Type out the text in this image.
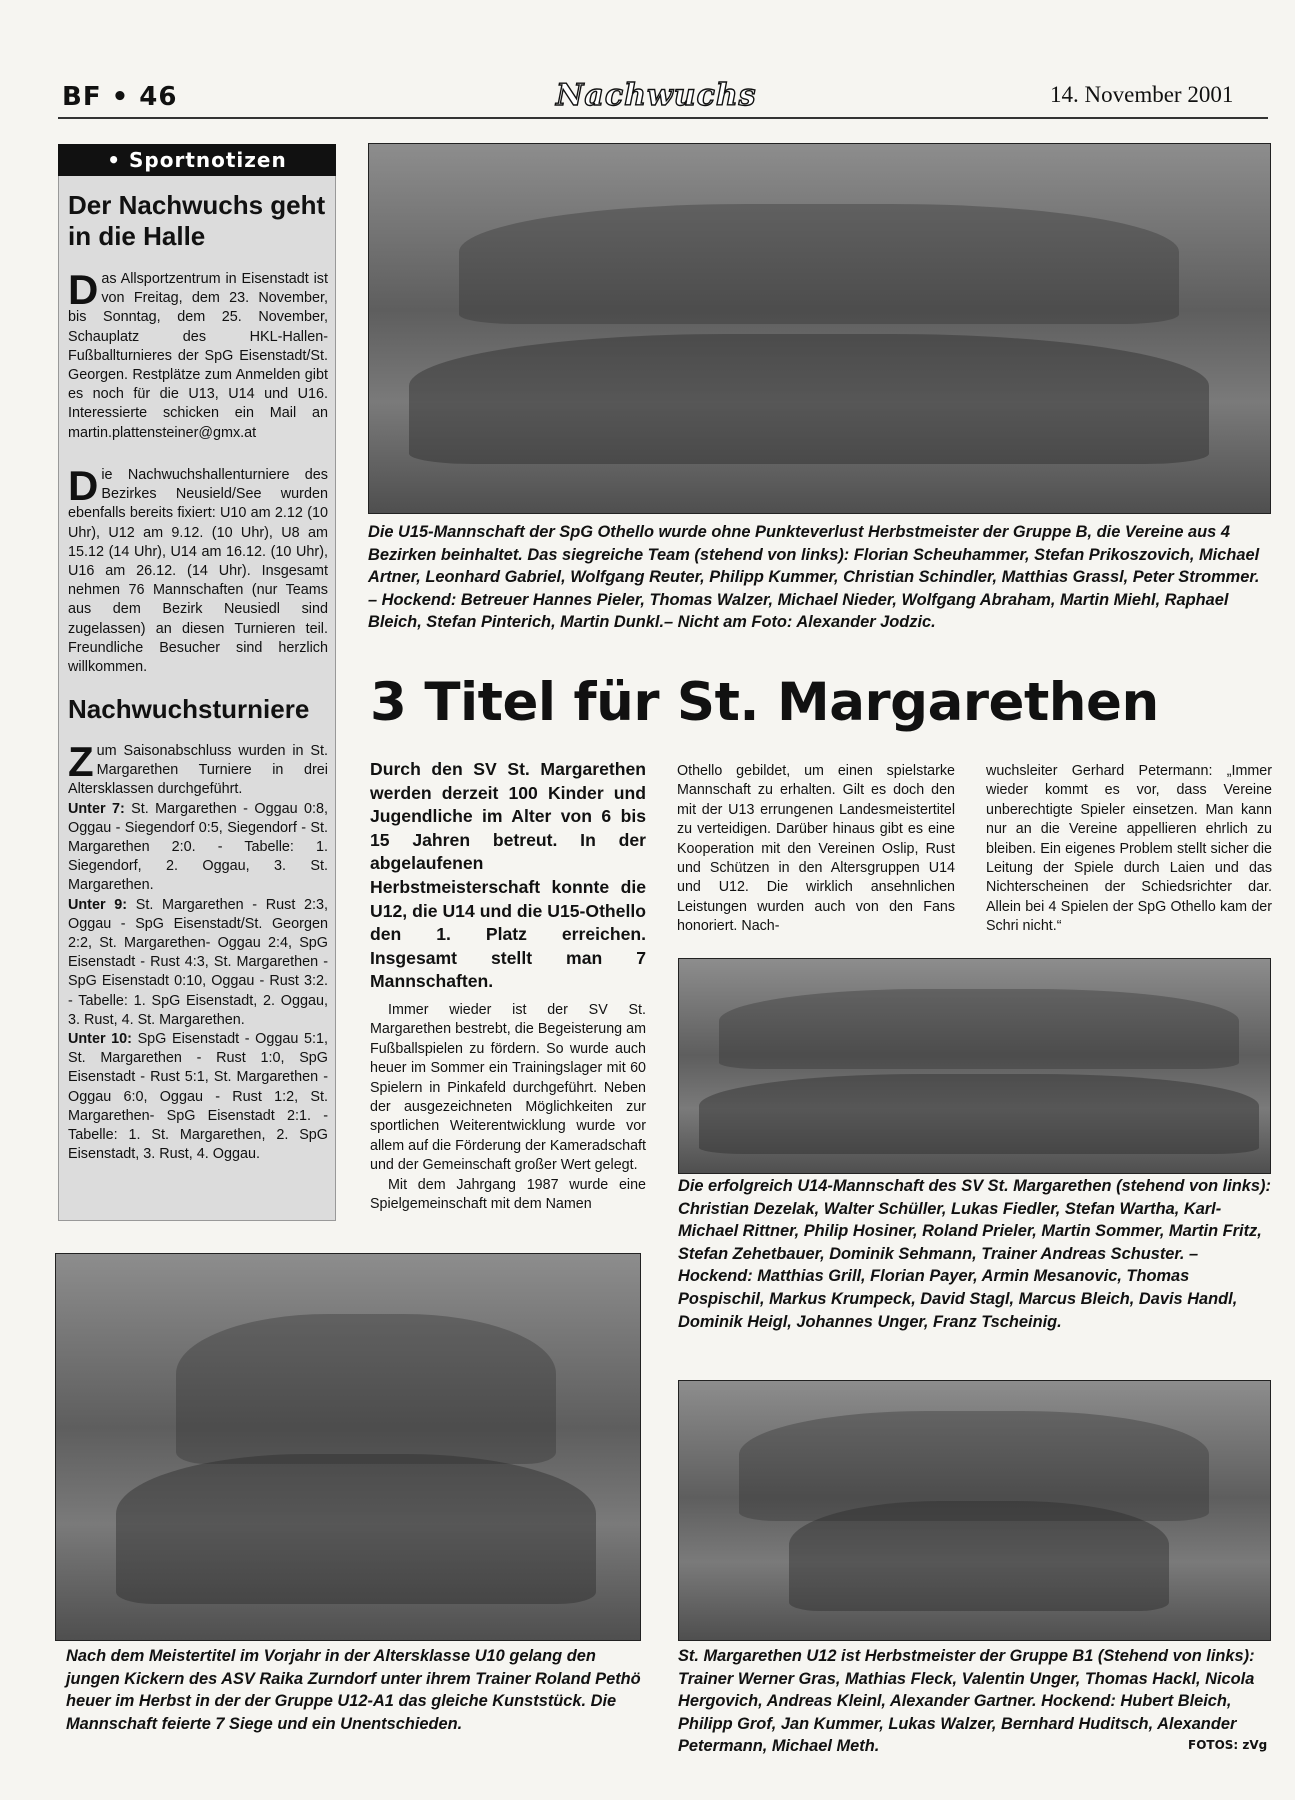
BF • 46	Nachwuchs	14. November 2001
• Sportnotizen
Der Nachwuchs geht in die Halle
Das Allsportzentrum in Eisenstadt ist von Freitag, dem 23. November, bis Sonntag, dem 25. November, Schauplatz des HKL-Hallen-Fußballturnieres der SpG Eisenstadt/St. Georgen. Restplätze zum Anmelden gibt es noch für die U13, U14 und U16. Interessierte schicken ein Mail an martin.plattensteiner@gmx.at
Die Nachwuchshallenturniere des Bezirkes Neusield/See wurden ebenfalls bereits fixiert: U10 am 2.12 (10 Uhr), U12 am 9.12. (10 Uhr), U8 am 15.12 (14 Uhr), U14 am 16.12. (10 Uhr), U16 am 26.12. (14 Uhr). Insgesamt nehmen 76 Mannschaften (nur Teams aus dem Bezirk Neusiedl sind zugelassen) an diesen Turnieren teil. Freundliche Besucher sind herzlich willkommen.
Nachwuchsturniere
Zum Saisonabschluss wurden in St. Margarethen Turniere in drei Altersklassen durchgeführt.

Unter 7: St. Margarethen - Oggau 0:8, Oggau - Siegendorf 0:5, Siegendorf - St. Margarethen 2:0. - Tabelle: 1. Siegendorf, 2. Oggau, 3. St. Margarethen.

Unter 9: St. Margarethen - Rust 2:3, Oggau - SpG Eisenstadt/St. Georgen 2:2, St. Margarethen- Oggau 2:4, SpG Eisenstadt - Rust 4:3, St. Margarethen - SpG Eisenstadt 0:10, Oggau - Rust 3:2. - Tabelle: 1. SpG Eisenstadt, 2. Oggau, 3. Rust, 4. St. Margarethen.

Unter 10: SpG Eisenstadt - Oggau 5:1, St. Margarethen - Rust 1:0, SpG Eisenstadt - Rust 5:1, St. Margarethen - Oggau 6:0, Oggau - Rust 1:2, St. Margarethen- SpG Eisenstadt 2:1. - Tabelle: 1. St. Margarethen, 2. SpG Eisenstadt, 3. Rust, 4. Oggau.

Die U15-Mannschaft der SpG Othello wurde ohne Punkteverlust Herbstmeister der Gruppe B, die Vereine aus 4 Bezirken beinhaltet. Das siegreiche Team (stehend von links): Florian Scheuhammer, Stefan Prikoszovich, Michael Artner, Leonhard Gabriel, Wolfgang Reuter, Philipp Kummer, Christian Schindler, Matthias Grassl, Peter Strommer. – Hockend: Betreuer Hannes Pieler, Thomas Walzer, Michael Nieder, Wolfgang Abraham, Martin Miehl, Raphael Bleich, Stefan Pinterich, Martin Dunkl.– Nicht am Foto: Alexander Jodzic.
3 Titel für St. Margarethen
Durch den SV St. Margarethen werden derzeit 100 Kinder und Jugendliche im Alter von 6 bis 15 Jahren betreut. In der abgelaufenen Herbstmeisterschaft konnte die U12, die U14 und die U15-Othello den 1. Platz erreichen. Insgesamt stellt man 7 Mannschaften.

Immer wieder ist der SV St. Margarethen bestrebt, die Begeisterung am Fußballspielen zu fördern. So wurde auch heuer im Sommer ein Trainingslager mit 60 Spielern in Pinkafeld durchgeführt. Neben der ausgezeichneten Möglichkeiten zur sportlichen Weiterentwicklung wurde vor allem auf die Förderung der Kameradschaft und der Gemeinschaft großer Wert gelegt.

Mit dem Jahrgang 1987 wurde eine Spielgemeinschaft mit dem Namen

Othello gebildet, um einen spielstarke Mannschaft zu erhalten. Gilt es doch den mit der U13 errungenen Landesmeistertitel zu verteidigen. Darüber hinaus gibt es eine Kooperation mit den Vereinen Oslip, Rust und Schützen in den Altersgruppen U14 und U12. Die wirklich ansehnlichen Leistungen wurden auch von den Fans honoriert. Nach-
wuchsleiter Gerhard Petermann: „Immer wieder kommt es vor, dass Vereine unberechtigte Spieler einsetzen. Man kann nur an die Vereine appellieren ehrlich zu bleiben. Ein eigenes Problem stellt sicher die Leitung der Spiele durch Laien und das Nichterscheinen der Schiedsrichter dar. Allein bei 4 Spielen der SpG Othello kam der Schri nicht.“
Die erfolgreich U14-Mannschaft des SV St. Margarethen (stehend von links): Christian Dezelak, Walter Schüller, Lukas Fiedler, Stefan Wartha, Karl-Michael Rittner, Philip Hosiner, Roland Prieler, Martin Sommer, Martin Fritz, Stefan Zehetbauer, Dominik Sehmann, Trainer Andreas Schuster. – Hockend: Matthias Grill, Florian Payer, Armin Mesanovic, Thomas Pospischil, Markus Krumpeck, David Stagl, Marcus Bleich, Davis Handl, Dominik Heigl, Johannes Unger, Franz Tscheinig.
Nach dem Meistertitel im Vorjahr in der Altersklasse U10 gelang den jungen Kickern des ASV Raika Zurndorf unter ihrem Trainer Roland Pethö heuer im Herbst in der der Gruppe U12-A1 das gleiche Kunststück. Die Mannschaft feierte 7 Siege und ein Unentschieden.
St. Margarethen U12 ist Herbstmeister der Gruppe B1 (Stehend von links): Trainer Werner Gras, Mathias Fleck, Valentin Unger, Thomas Hackl, Nicola Hergovich, Andreas Kleinl, Alexander Gartner. Hockend: Hubert Bleich, Philipp Grof, Jan Kummer, Lukas Walzer, Bernhard Huditsch, Alexander Petermann, Michael Meth.	FOTOS: zVg
